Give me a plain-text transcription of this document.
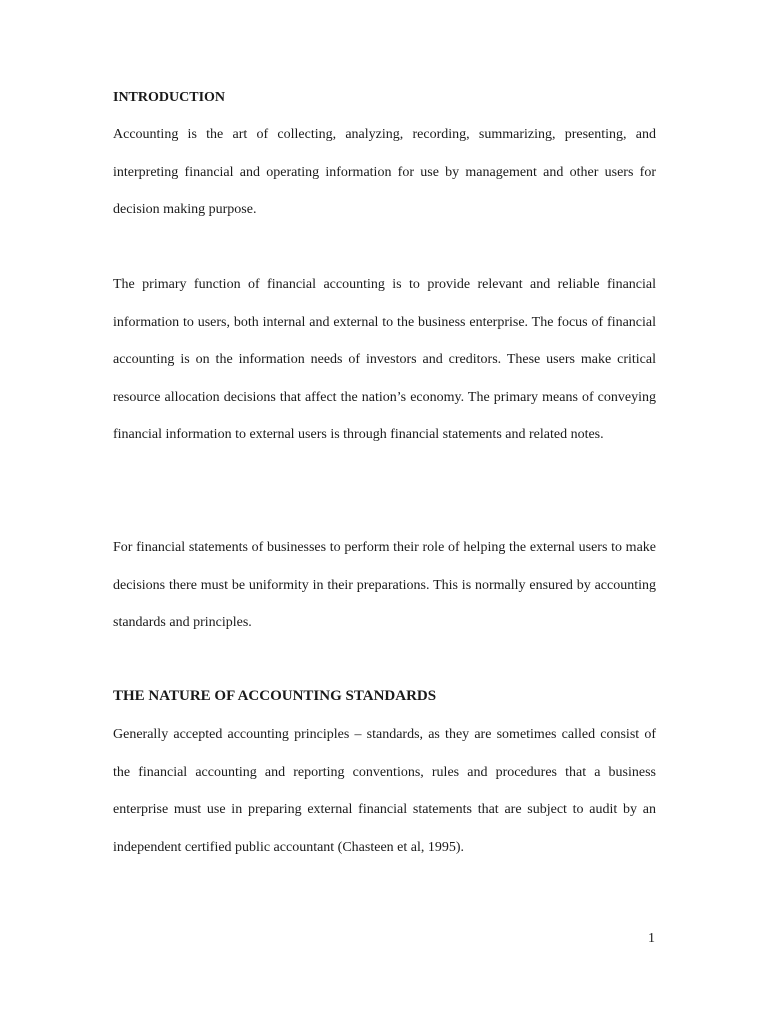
INTRODUCTION

Accounting is the art of collecting, analyzing, recording, summarizing, presenting, and interpreting financial and operating information for use by management and other users for decision making purpose.

The primary function of financial accounting is to provide relevant and reliable financial information to users, both internal and external to the business enterprise. The focus of financial accounting is on the information needs of investors and creditors. These users make critical resource allocation decisions that affect the nation’s economy. The primary means of conveying financial information to external users is through financial statements and related notes.

For financial statements of businesses to perform their role of helping the external users to make decisions there must be uniformity in their preparations. This is normally ensured by accounting standards and principles.

THE NATURE OF ACCOUNTING STANDARDS

Generally accepted accounting principles – standards, as they are sometimes called consist of the financial accounting and reporting conventions, rules and procedures that a business enterprise must use in preparing external financial statements that are subject to audit by an independent certified public accountant (Chasteen et al, 1995).

1
